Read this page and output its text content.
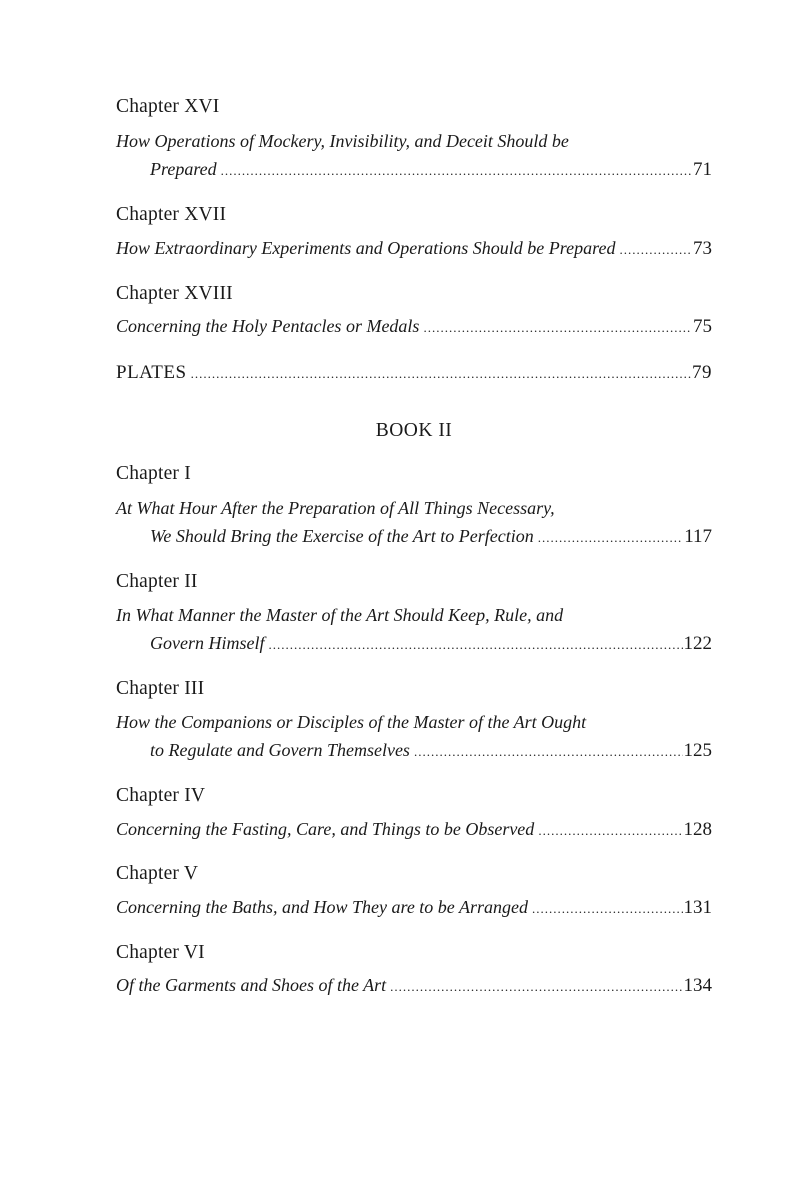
Chapter XVI
How Operations of Mockery, Invisibility, and Deceit Should be
Prepared .....	71
Chapter XVII
How Extraordinary Experiments and Operations Should be Prepared .....	73
Chapter XVIII
Concerning the Holy Pentacles or Medals .....	75
PLATES .....	79
BOOK II
Chapter I
At What Hour After the Preparation of All Things Necessary,
We Should Bring the Exercise of the Art to Perfection .....	117
Chapter II
In What Manner the Master of the Art Should Keep, Rule, and
Govern Himself .....	122
Chapter III
How the Companions or Disciples of the Master of the Art Ought
to Regulate and Govern Themselves .....	125
Chapter IV
Concerning the Fasting, Care, and Things to be Observed .....	128
Chapter V
Concerning the Baths, and How They are to be Arranged .....	131
Chapter VI
Of the Garments and Shoes of the Art .....	134
